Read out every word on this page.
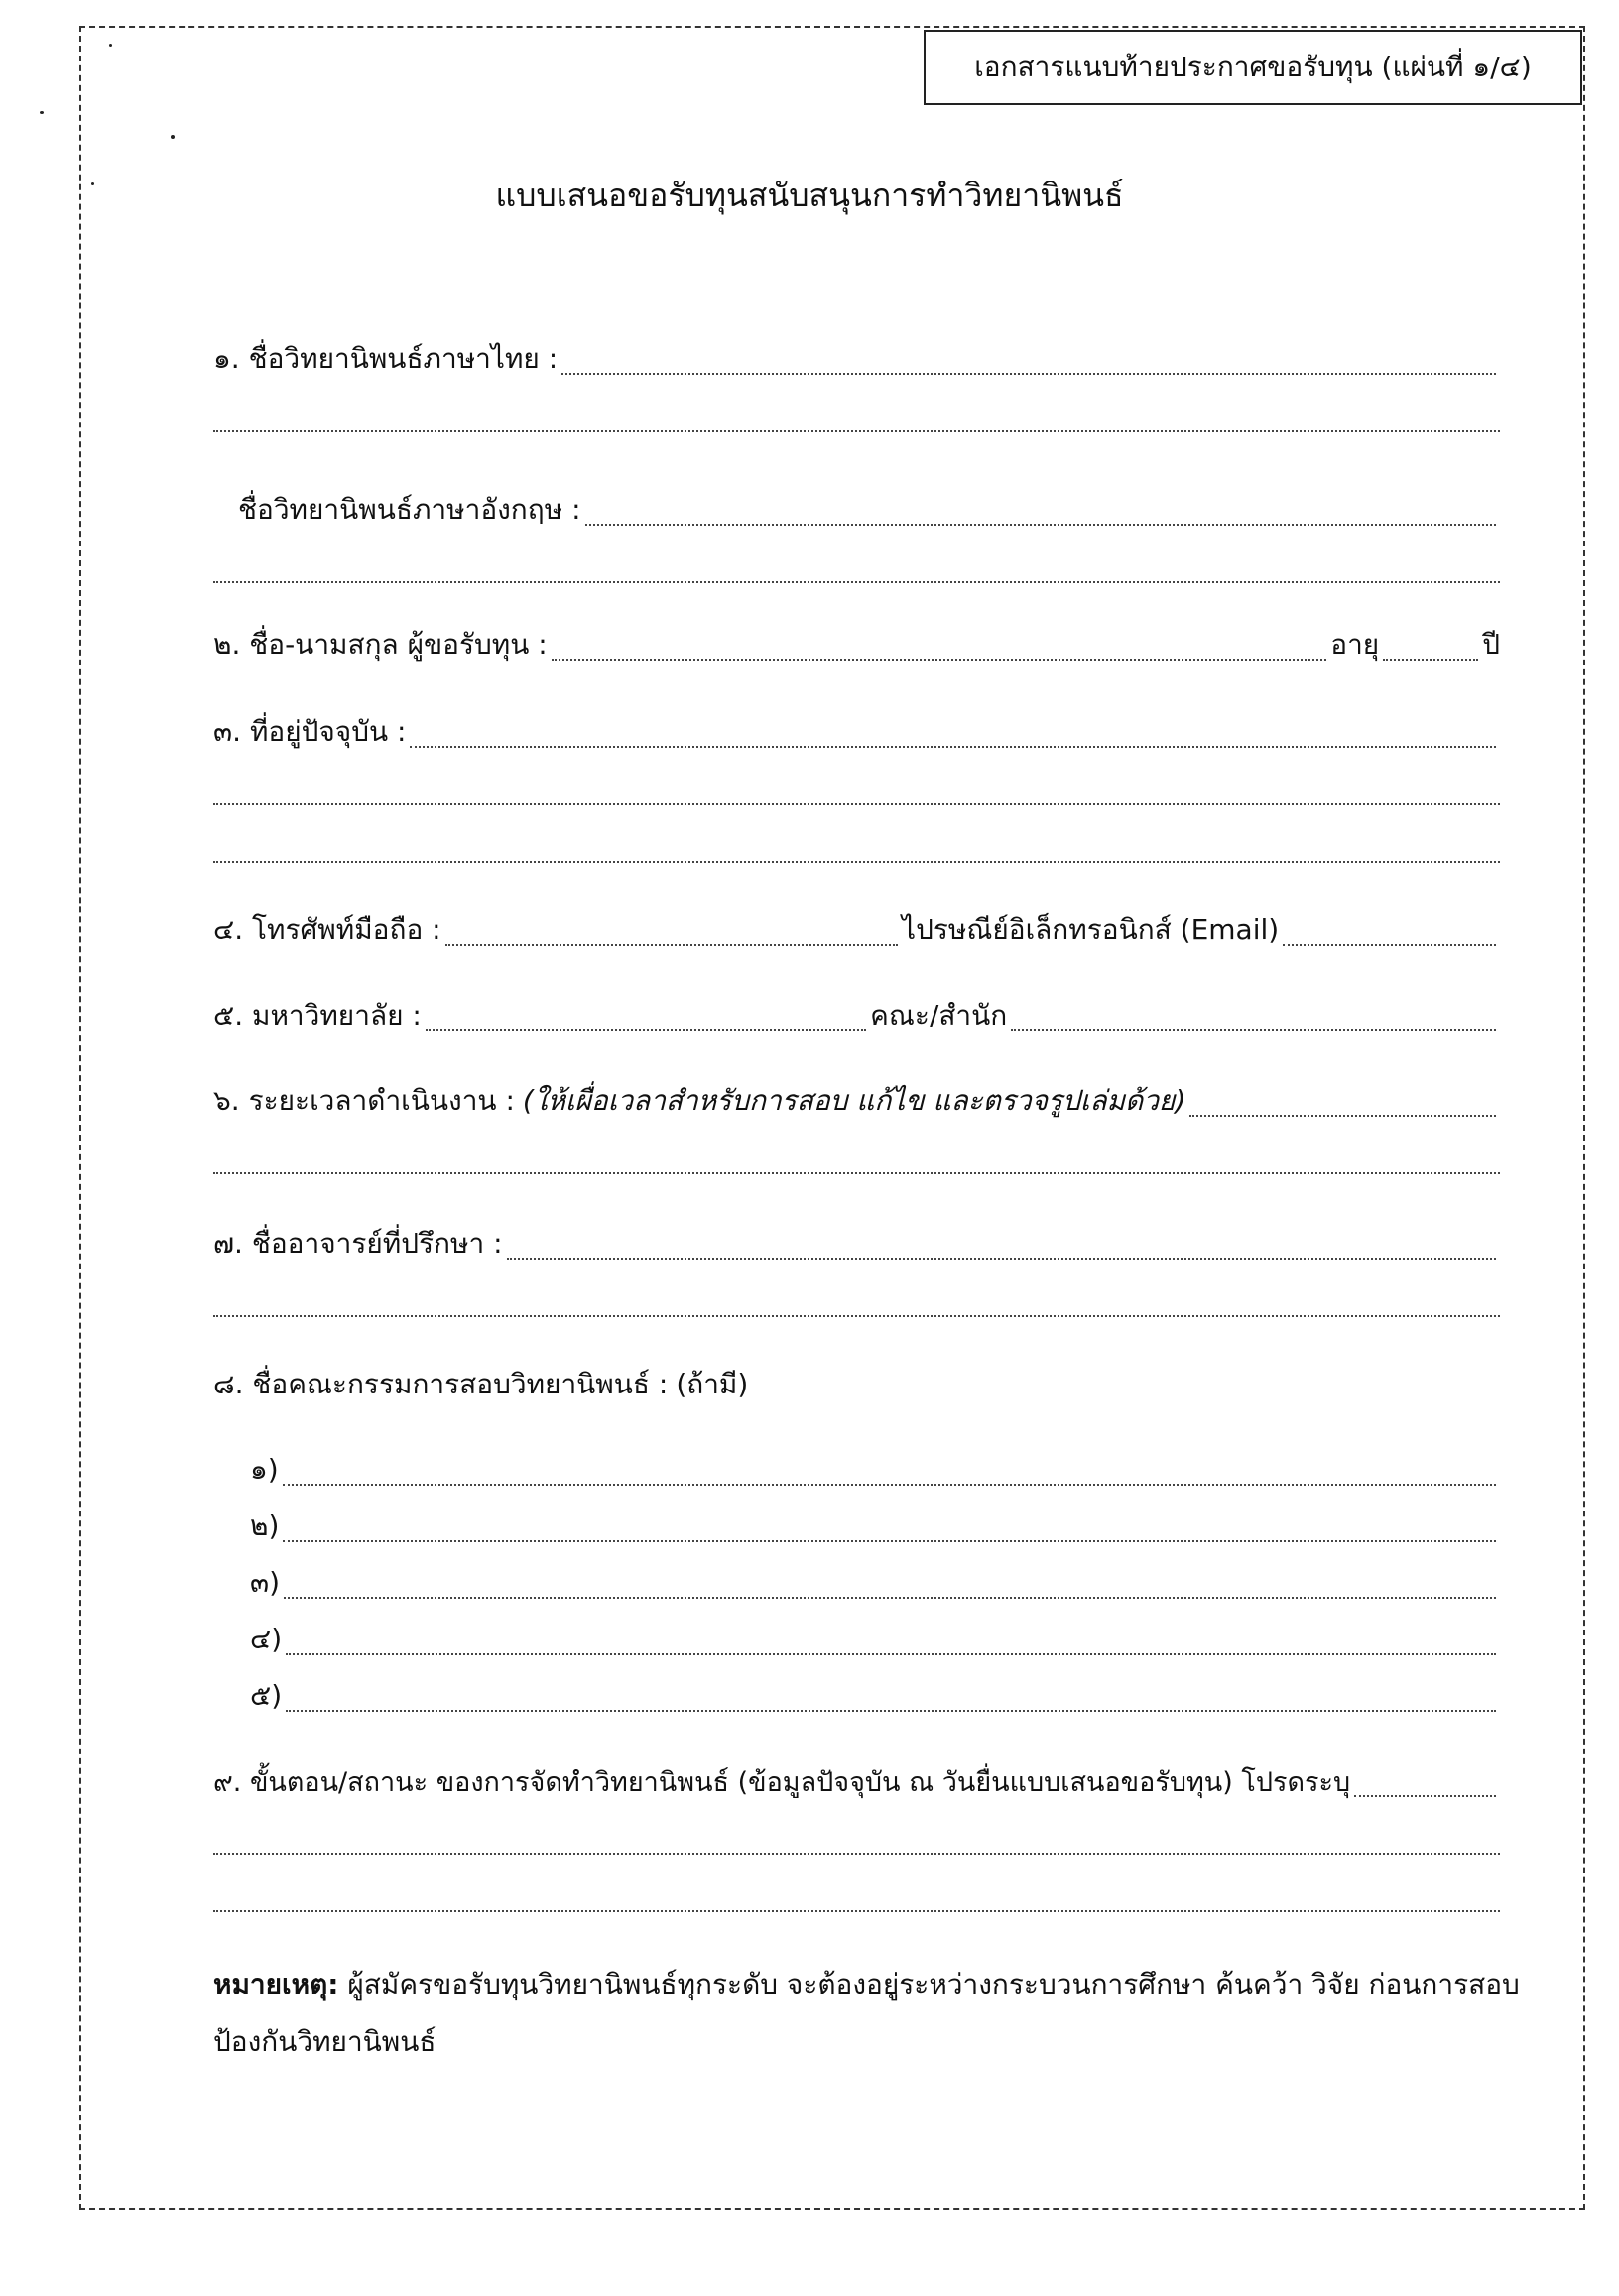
เอกสารแนบท้ายประกาศขอรับทุน (แผ่นที่ ๑/๔)
แบบเสนอขอรับทุนสนับสนุนการทำวิทยานิพนธ์
๑. ชื่อวิทยานิพนธ์ภาษาไทย :
ชื่อวิทยานิพนธ์ภาษาอังกฤษ :
๒. ชื่อ-นามสกุล ผู้ขอรับทุน :	อายุ	ปี
๓. ที่อยู่ปัจจุบัน :
๔. โทรศัพท์มือถือ :	ไปรษณีย์อิเล็กทรอนิกส์ (Email)
๕. มหาวิทยาลัย :	คณะ/สำนัก
๖. ระยะเวลาดำเนินงาน : (ให้เผื่อเวลาสำหรับการสอบ แก้ไข และตรวจรูปเล่มด้วย)
๗. ชื่ออาจารย์ที่ปรึกษา :
๘. ชื่อคณะกรรมการสอบวิทยานิพนธ์ : (ถ้ามี)
๑)
๒)
๓)
๔)
๕)
๙. ขั้นตอน/สถานะ ของการจัดทำวิทยานิพนธ์ (ข้อมูลปัจจุบัน ณ วันยื่นแบบเสนอขอรับทุน) โปรดระบุ
หมายเหตุ: ผู้สมัครขอรับทุนวิทยานิพนธ์ทุกระดับ จะต้องอยู่ระหว่างกระบวนการศึกษา ค้นคว้า วิจัย ก่อนการสอบป้องกันวิทยานิพนธ์
